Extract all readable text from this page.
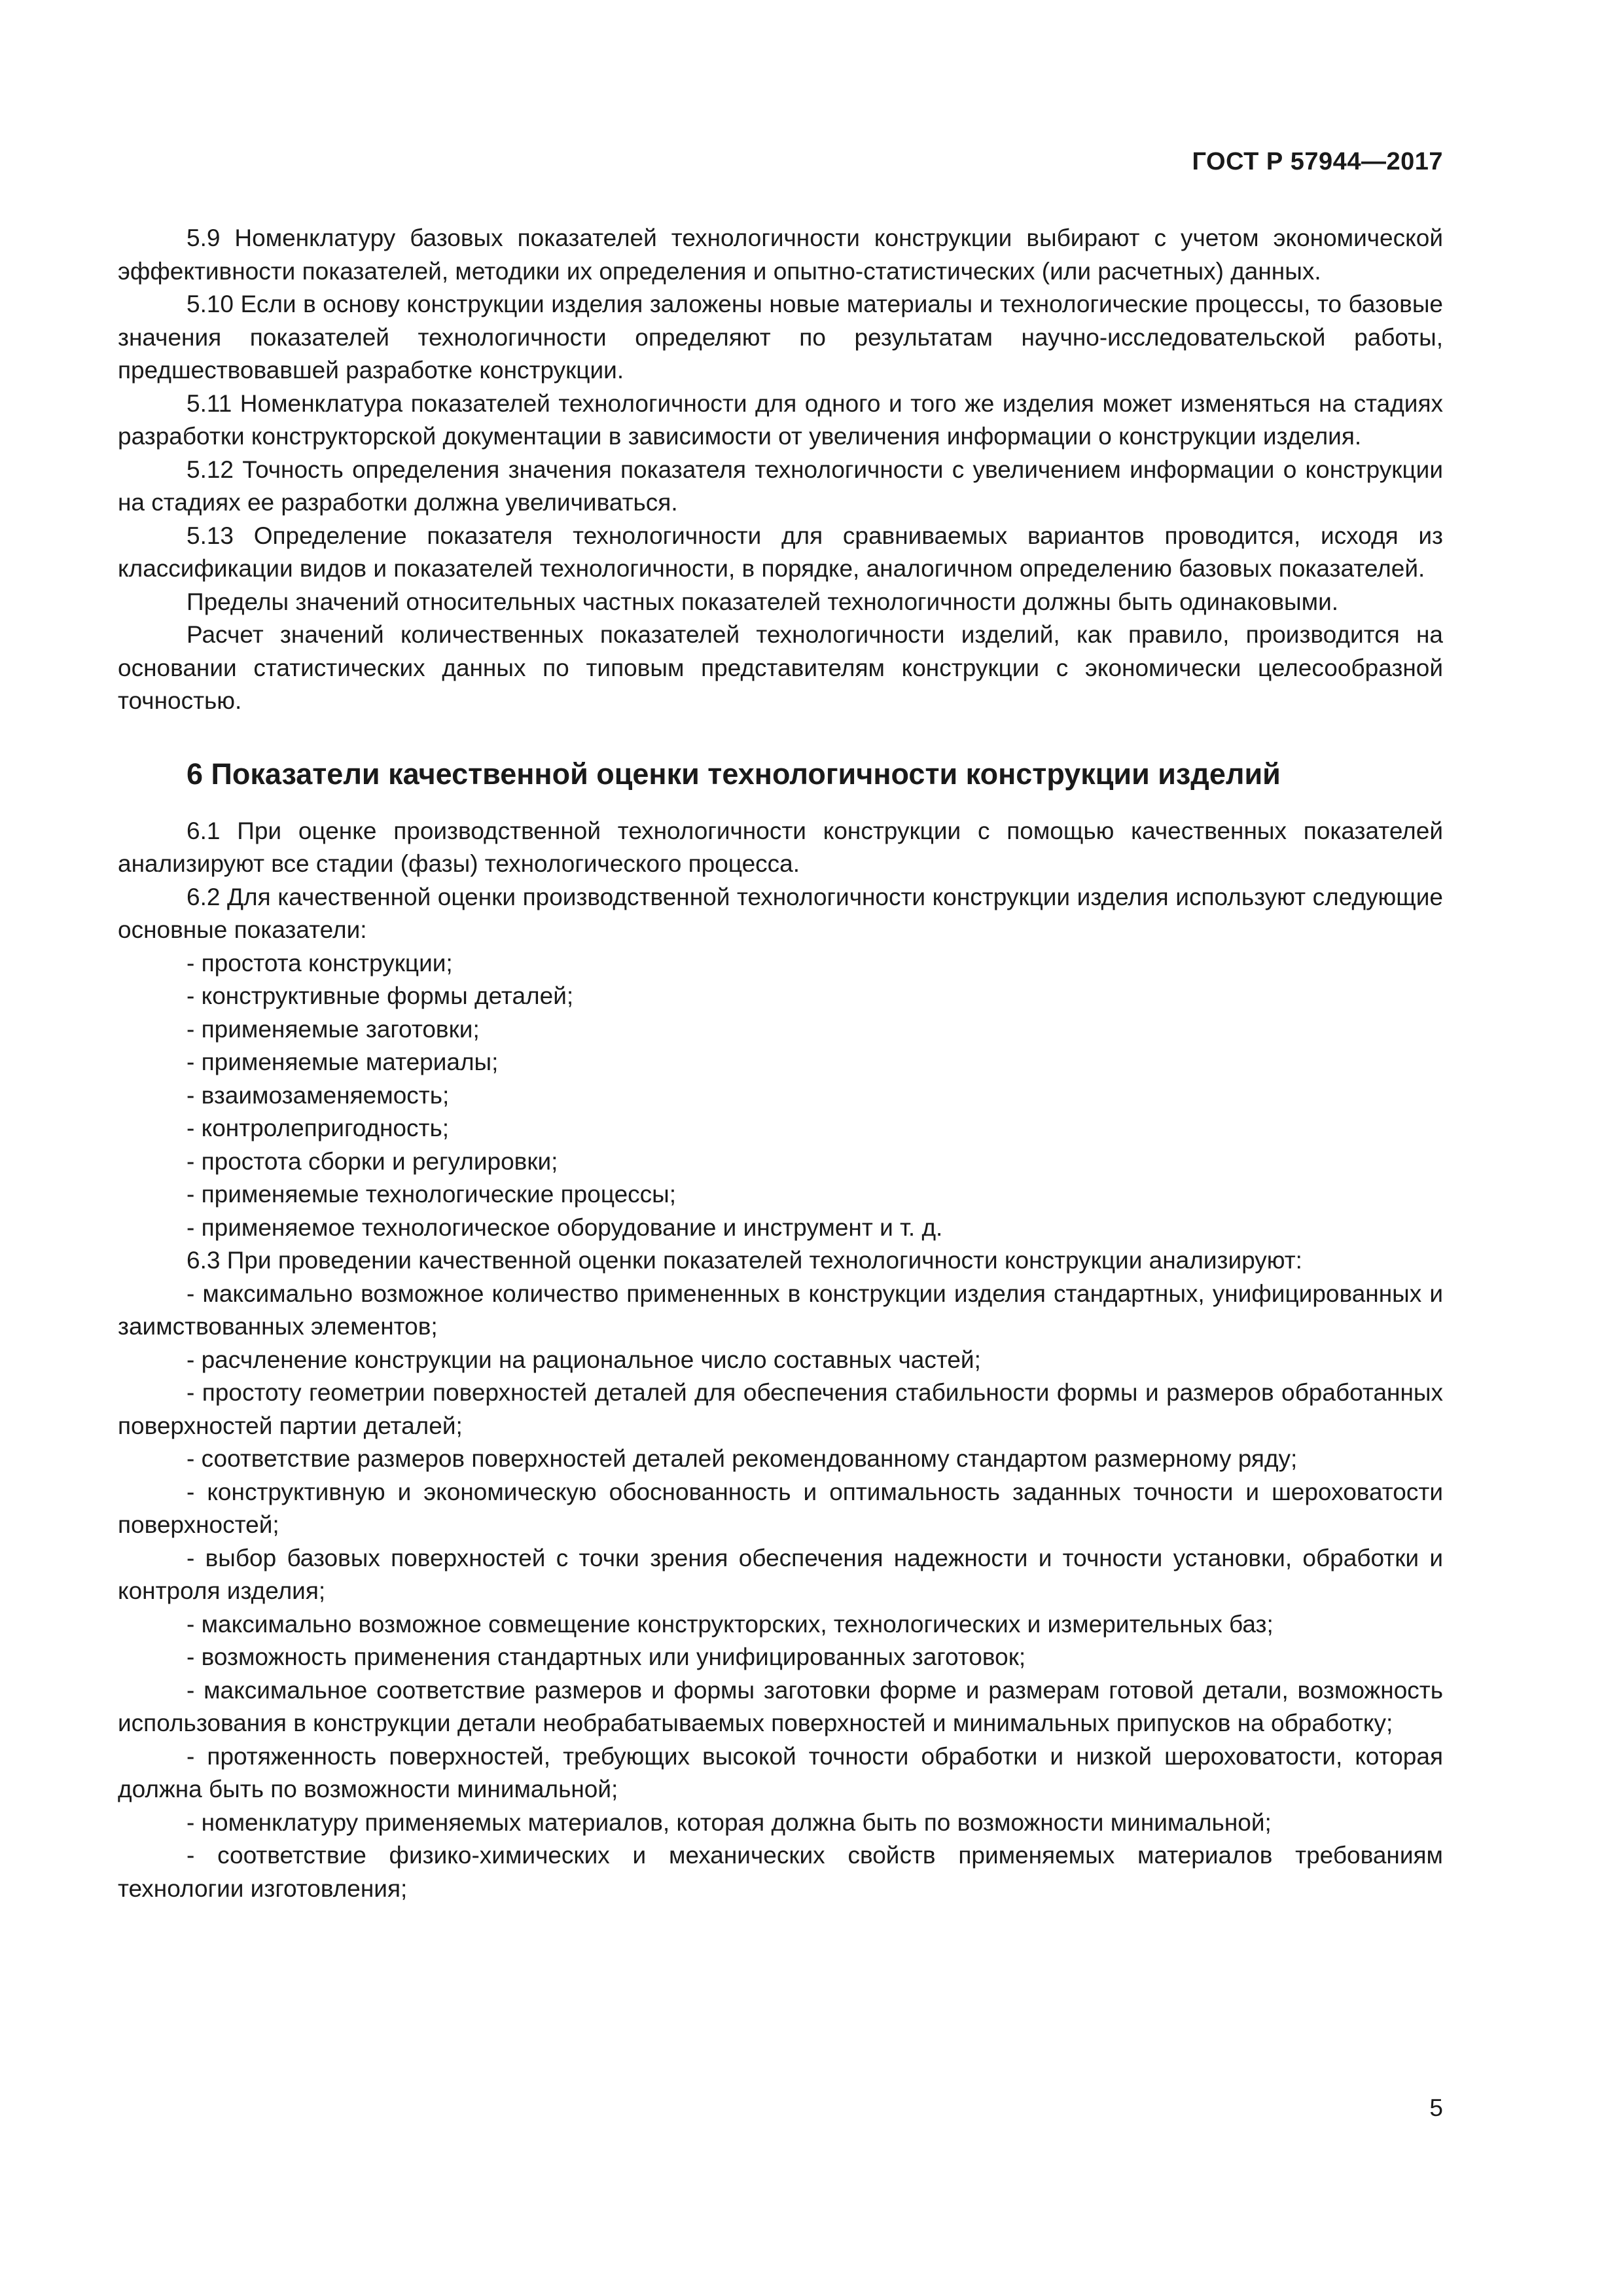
ГОСТ Р 57944—2017

5.9 Номенклатуру базовых показателей технологичности конструкции выбирают с учетом экономической эффективности показателей, методики их определения и опытно-статистических (или расчетных) данных.

5.10 Если в основу конструкции изделия заложены новые материалы и технологические процессы, то базовые значения показателей технологичности определяют по результатам научно-исследовательской работы, предшествовавшей разработке конструкции.

5.11 Номенклатура показателей технологичности для одного и того же изделия может изменяться на стадиях разработки конструкторской документации в зависимости от увеличения информации о конструкции изделия.

5.12 Точность определения значения показателя технологичности с увеличением информации о конструкции на стадиях ее разработки должна увеличиваться.

5.13 Определение показателя технологичности для сравниваемых вариантов проводится, исходя из классификации видов и показателей технологичности, в порядке, аналогичном определению базовых показателей.

Пределы значений относительных частных показателей технологичности должны быть одинаковыми.

Расчет значений количественных показателей технологичности изделий, как правило, производится на основании статистических данных по типовым представителям конструкции с экономически целесообразной точностью.

6 Показатели качественной оценки технологичности конструкции изделий

6.1 При оценке производственной технологичности конструкции с помощью качественных показателей анализируют все стадии (фазы) технологического процесса.

6.2 Для качественной оценки производственной технологичности конструкции изделия используют следующие основные показатели:

- простота конструкции;
- конструктивные формы деталей;
- применяемые заготовки;
- применяемые материалы;
- взаимозаменяемость;
- контролепригодность;
- простота сборки и регулировки;
- применяемые технологические процессы;
- применяемое технологическое оборудование и инструмент и т. д.

6.3 При проведении качественной оценки показателей технологичности конструкции анализируют:

- максимально возможное количество примененных в конструкции изделия стандартных, унифицированных и заимствованных элементов;
- расчленение конструкции на рациональное число составных частей;
- простоту геометрии поверхностей деталей для обеспечения стабильности формы и размеров обработанных поверхностей партии деталей;
- соответствие размеров поверхностей деталей рекомендованному стандартом размерному ряду;
- конструктивную и экономическую обоснованность и оптимальность заданных точности и шероховатости поверхностей;
- выбор базовых поверхностей с точки зрения обеспечения надежности и точности установки, обработки и контроля изделия;
- максимально возможное совмещение конструкторских, технологических и измерительных баз;
- возможность применения стандартных или унифицированных заготовок;
- максимальное соответствие размеров и формы заготовки форме и размерам готовой детали, возможность использования в конструкции детали необрабатываемых поверхностей и минимальных припусков на обработку;
- протяженность поверхностей, требующих высокой точности обработки и низкой шероховатости, которая должна быть по возможности минимальной;
- номенклатуру применяемых материалов, которая должна быть по возможности минимальной;
- соответствие физико-химических и механических свойств применяемых материалов требованиям технологии изготовления;
5
